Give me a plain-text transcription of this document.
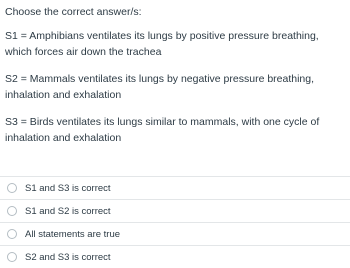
Choose the correct answer/s:

S1 = Amphibians ventilates its lungs by positive pressure breathing, which forces air down the trachea

S2 = Mammals ventilates its lungs by negative pressure breathing, inhalation and exhalation

S3 = Birds ventilates its lungs similar to mammals, with one cycle of inhalation and exhalation

S1 and S3 is correct
S1 and S2 is correct
All statements are true
S2 and S3 is correct
